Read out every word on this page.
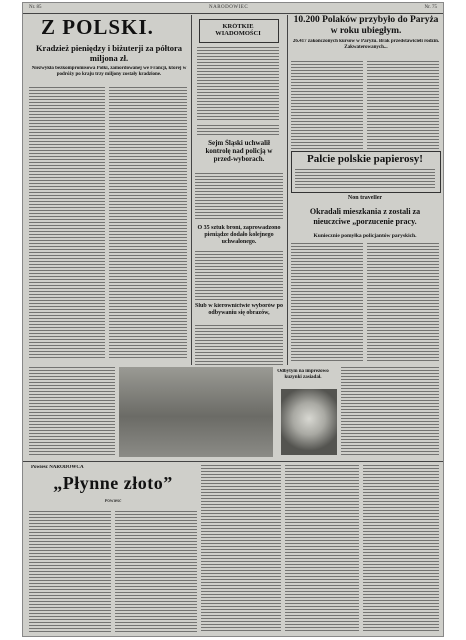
Nr. 85	NARODOWIEC	Nr. 75
Z POLSKI.
Kradzież pieniędzy i biżuterji za półtora miljona zł.
Niezwykła bezkompromisowa Polki, zamordowanej we Francji, której w podróży po kraju trzy miljony zostały kradzione.
KRÓTKIE WIADOMOŚCI
Sejm Śląski uchwalił kontrolę nad policją w przed-wyborach.
O 35 sztuk broni, zaprowadzono pieniądze dodało kolejnego uchwalonego.
Ślub w kierownictwie wyborów po odbywaniu się obrazów,
10.200 Polaków przybyło do Paryża w roku ubiegłym.
26.417 zakończonych kursów w Paryżu. Brak przedstawicieli rodzin. Zakwaterowanych...
Palcie polskie papierosy!
Non traveller
Okradali mieszkania z zostali za nieuczciwe „porzucenie pracy.
Kuniecznie pomyłka policjantów paryskich.
Odbytym na imprezowo kuzynki zasiadał.
Powieść NARODOWCA
„Płynne złoto”
Powieść
